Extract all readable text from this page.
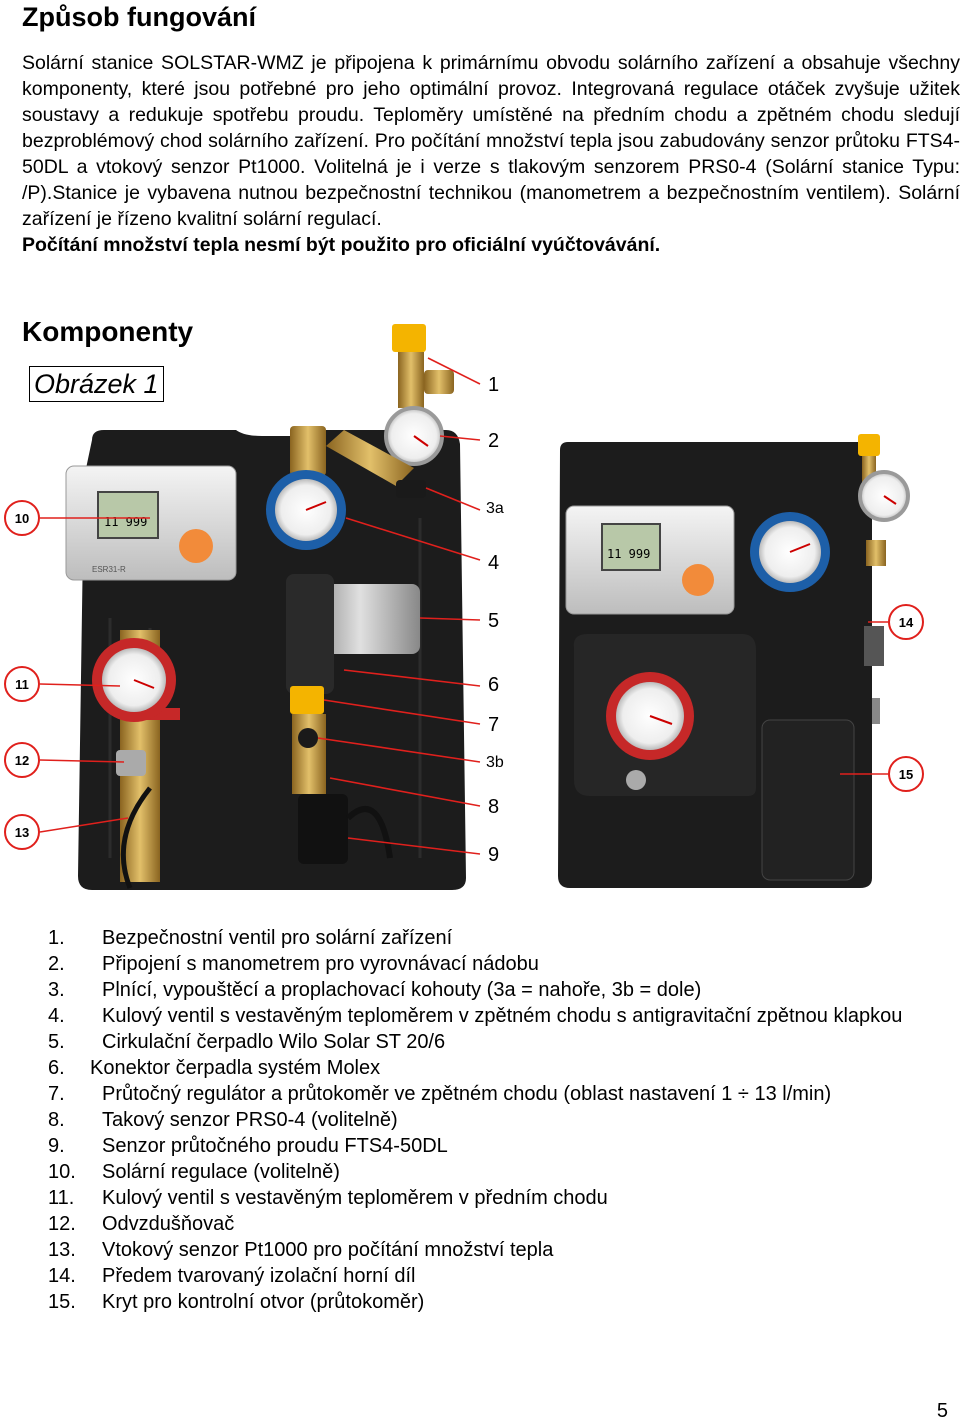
Způsob fungování

Solární stanice SOLSTAR-WMZ je připojena k primárnímu obvodu solárního zařízení a obsahuje všechny komponenty, které jsou potřebné pro jeho optimální provoz. Integrovaná regulace otáček zvyšuje užitek soustavy a redukuje spotřebu proudu. Teploměry umístěné na předním chodu a zpětném chodu sledují bezproblémový chod solárního zařízení. Pro počítání množství tepla jsou zabudovány senzor průtoku FTS4-50DL a vtokový senzor Pt1000. Volitelná je i verze s tlakovým senzorem PRS0-4 (Solární stanice Typu: /P).Stanice je vybavena nutnou bezpečnostní technikou (manometrem a bezpečnostním ventilem). Solární zařízení je řízeno kvalitní solární regulací.

Počítání množství tepla nesmí být použito pro oficiální vyúčtovávání.

Komponenty
Obrázek 1
11 999
ESR31-R
11 999
1
2
3a
4
5
6
7
3b
8
9
10
11
12
13
14
15
1.	Bezpečnostní ventil pro solární zařízení
2.	Připojení s manometrem pro vyrovnávací nádobu
3.	Plnící, vypouštěcí a proplachovací kohouty (3a = nahoře, 3b = dole)
4.	Kulový ventil s vestavěným teploměrem v zpětném chodu s antigravitační zpětnou klapkou
5.	Cirkulační čerpadlo Wilo Solar ST 20/6
6.	Konektor čerpadla systém Molex
7.	Průtočný regulátor a průtokoměr ve zpětném chodu (oblast nastavení 1 ÷ 13 l/min)
8.	Takový senzor PRS0-4 (volitelně)
9.	Senzor průtočného proudu FTS4-50DL
10.	Solární regulace (volitelně)
11.	Kulový ventil s vestavěným teploměrem v předním chodu
12.	Odvzdušňovač
13.	Vtokový senzor Pt1000 pro počítání množství tepla
14.	Předem tvarovaný izolační horní díl
15.	Kryt pro kontrolní otvor (průtokoměr)
5
